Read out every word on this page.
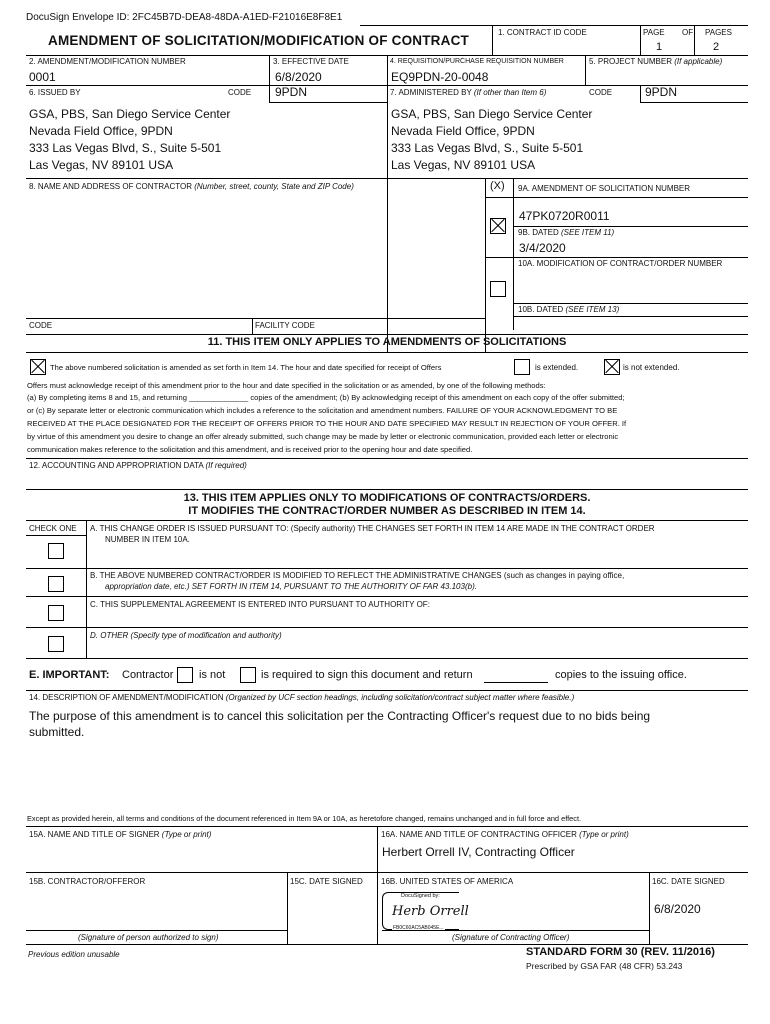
DocuSign Envelope ID: 2FC45B7D-DEA8-48DA-A1ED-F21016E8F8E1
AMENDMENT OF SOLICITATION/MODIFICATION OF CONTRACT
1. CONTRACT ID CODE	PAGE OF PAGES
1	2
2. AMENDMENT/MODIFICATION NUMBER	3. EFFECTIVE DATE	4. REQUISITION/PURCHASE REQUISITION NUMBER	5. PROJECT NUMBER (If applicable)
0001	6/8/2020	EQ9PDN-20-0048
6. ISSUED BY	CODE 9PDN	7. ADMINISTERED BY (If other than Item 6)	CODE	9PDN
GSA, PBS, San Diego Service Center
Nevada Field Office, 9PDN
333 Las Vegas Blvd, S., Suite 5-501
Las Vegas, NV 89101 USA
GSA, PBS, San Diego Service Center
Nevada Field Office, 9PDN
333 Las Vegas Blvd, S., Suite 5-501
Las Vegas, NV 89101 USA
8. NAME AND ADDRESS OF CONTRACTOR (Number, street, county, State and ZIP Code)	(X) 9A. AMENDMENT OF SOLICITATION NUMBER
47PK0720R0011
9B. DATED (SEE ITEM 11)
3/4/2020
10A. MODIFICATION OF CONTRACT/ORDER NUMBER
10B. DATED (SEE ITEM 13)
CODE	FACILITY CODE
11. THIS ITEM ONLY APPLIES TO AMENDMENTS OF SOLICITATIONS
The above numbered solicitation is amended as set forth in Item 14. The hour and date specified for receipt of Offers	is extended.	is not extended.
Offers must acknowledge receipt of this amendment prior to the hour and date specified in the solicitation or as amended, by one of the following methods:
(a) By completing items 8 and 15, and returning ______________ copies of the amendment; (b) By acknowledging receipt of this amendment on each copy of the offer submitted;
or (c) By separate letter or electronic communication which includes a reference to the solicitation and amendment numbers. FAILURE OF YOUR ACKNOWLEDGMENT TO BE
RECEIVED AT THE PLACE DESIGNATED FOR THE RECEIPT OF OFFERS PRIOR TO THE HOUR AND DATE SPECIFIED MAY RESULT IN REJECTION OF YOUR OFFER. If
by virtue of this amendment you desire to change an offer already submitted, such change may be made by letter or electronic communication, provided each letter or electronic
communication makes reference to the solicitation and this amendment, and is received prior to the opening hour and date specified.
12. ACCOUNTING AND APPROPRIATION DATA (If required)
13. THIS ITEM APPLIES ONLY TO MODIFICATIONS OF CONTRACTS/ORDERS.
IT MODIFIES THE CONTRACT/ORDER NUMBER AS DESCRIBED IN ITEM 14.
CHECK ONE A. THIS CHANGE ORDER IS ISSUED PURSUANT TO: (Specify authority) THE CHANGES SET FORTH IN ITEM 14 ARE MADE IN THE CONTRACT ORDER
NUMBER IN ITEM 10A.
B. THE ABOVE NUMBERED CONTRACT/ORDER IS MODIFIED TO REFLECT THE ADMINISTRATIVE CHANGES (such as changes in paying office,
appropriation date, etc.) SET FORTH IN ITEM 14, PURSUANT TO THE AUTHORITY OF FAR 43.103(b).
C. THIS SUPPLEMENTAL AGREEMENT IS ENTERED INTO PURSUANT TO AUTHORITY OF:
D. OTHER (Specify type of modification and authority)
E. IMPORTANT: Contractor is not	is required to sign this document and return	copies to the issuing office.
14. DESCRIPTION OF AMENDMENT/MODIFICATION (Organized by UCF section headings, including solicitation/contract subject matter where feasible.)
The purpose of this amendment is to cancel this solicitation per the Contracting Officer's request due to no bids being
submitted.
Except as provided herein, all terms and conditions of the document referenced in Item 9A or 10A, as heretofore changed, remains unchanged and in full force and effect.
15A. NAME AND TITLE OF SIGNER (Type or print)	16A. NAME AND TITLE OF CONTRACTING OFFICER (Type or print)
Herbert Orrell IV, Contracting Officer
15B. CONTRACTOR/OFFEROR	15C. DATE SIGNED 16B. UNITED STATES OF AMERICA	16C. DATE SIGNED
6/8/2020
DocuSigned by:
Herb Orrell
FB0C60AC5AB045E...
(Signature of person authorized to sign)	(Signature of Contracting Officer)
Previous edition unusable	STANDARD FORM 30 (REV. 11/2016)
Prescribed by GSA FAR (48 CFR) 53.243
